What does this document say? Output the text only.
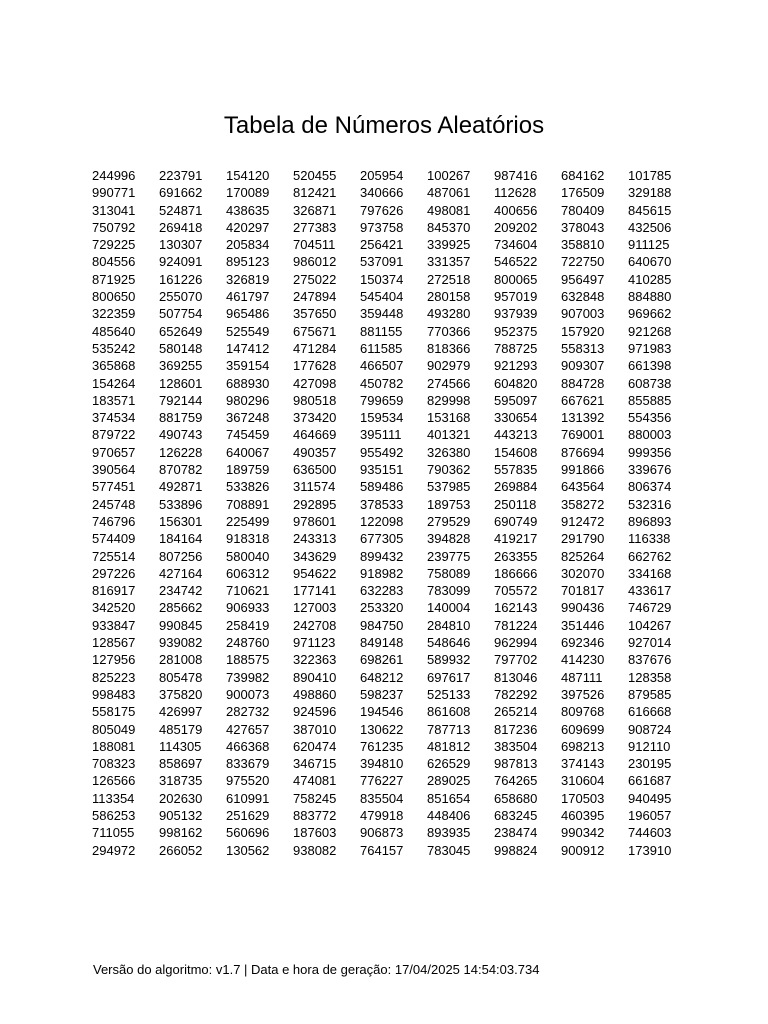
Tabela de Números Aleatórios
244996	223791	154120	520455	205954	100267	987416	684162	101785
990771	691662	170089	812421	340666	487061	112628	176509	329188
313041	524871	438635	326871	797626	498081	400656	780409	845615
750792	269418	420297	277383	973758	845370	209202	378043	432506
729225	130307	205834	704511	256421	339925	734604	358810	911125
804556	924091	895123	986012	537091	331357	546522	722750	640670
871925	161226	326819	275022	150374	272518	800065	956497	410285
800650	255070	461797	247894	545404	280158	957019	632848	884880
322359	507754	965486	357650	359448	493280	937939	907003	969662
485640	652649	525549	675671	881155	770366	952375	157920	921268
535242	580148	147412	471284	611585	818366	788725	558313	971983
365868	369255	359154	177628	466507	902979	921293	909307	661398
154264	128601	688930	427098	450782	274566	604820	884728	608738
183571	792144	980296	980518	799659	829998	595097	667621	855885
374534	881759	367248	373420	159534	153168	330654	131392	554356
879722	490743	745459	464669	395111	401321	443213	769001	880003
970657	126228	640067	490357	955492	326380	154608	876694	999356
390564	870782	189759	636500	935151	790362	557835	991866	339676
577451	492871	533826	311574	589486	537985	269884	643564	806374
245748	533896	708891	292895	378533	189753	250118	358272	532316
746796	156301	225499	978601	122098	279529	690749	912472	896893
574409	184164	918318	243313	677305	394828	419217	291790	116338
725514	807256	580040	343629	899432	239775	263355	825264	662762
297226	427164	606312	954622	918982	758089	186666	302070	334168
816917	234742	710621	177141	632283	783099	705572	701817	433617
342520	285662	906933	127003	253320	140004	162143	990436	746729
933847	990845	258419	242708	984750	284810	781224	351446	104267
128567	939082	248760	971123	849148	548646	962994	692346	927014
127956	281008	188575	322363	698261	589932	797702	414230	837676
825223	805478	739982	890410	648212	697617	813046	487111	128358
998483	375820	900073	498860	598237	525133	782292	397526	879585
558175	426997	282732	924596	194546	861608	265214	809768	616668
805049	485179	427657	387010	130622	787713	817236	609699	908724
188081	114305	466368	620474	761235	481812	383504	698213	912110
708323	858697	833679	346715	394810	626529	987813	374143	230195
126566	318735	975520	474081	776227	289025	764265	310604	661687
113354	202630	610991	758245	835504	851654	658680	170503	940495
586253	905132	251629	883772	479918	448406	683245	460395	196057
711055	998162	560696	187603	906873	893935	238474	990342	744603
294972	266052	130562	938082	764157	783045	998824	900912	173910
Versão do algoritmo: v1.7 | Data e hora de geração: 17/04/2025 14:54:03.734
